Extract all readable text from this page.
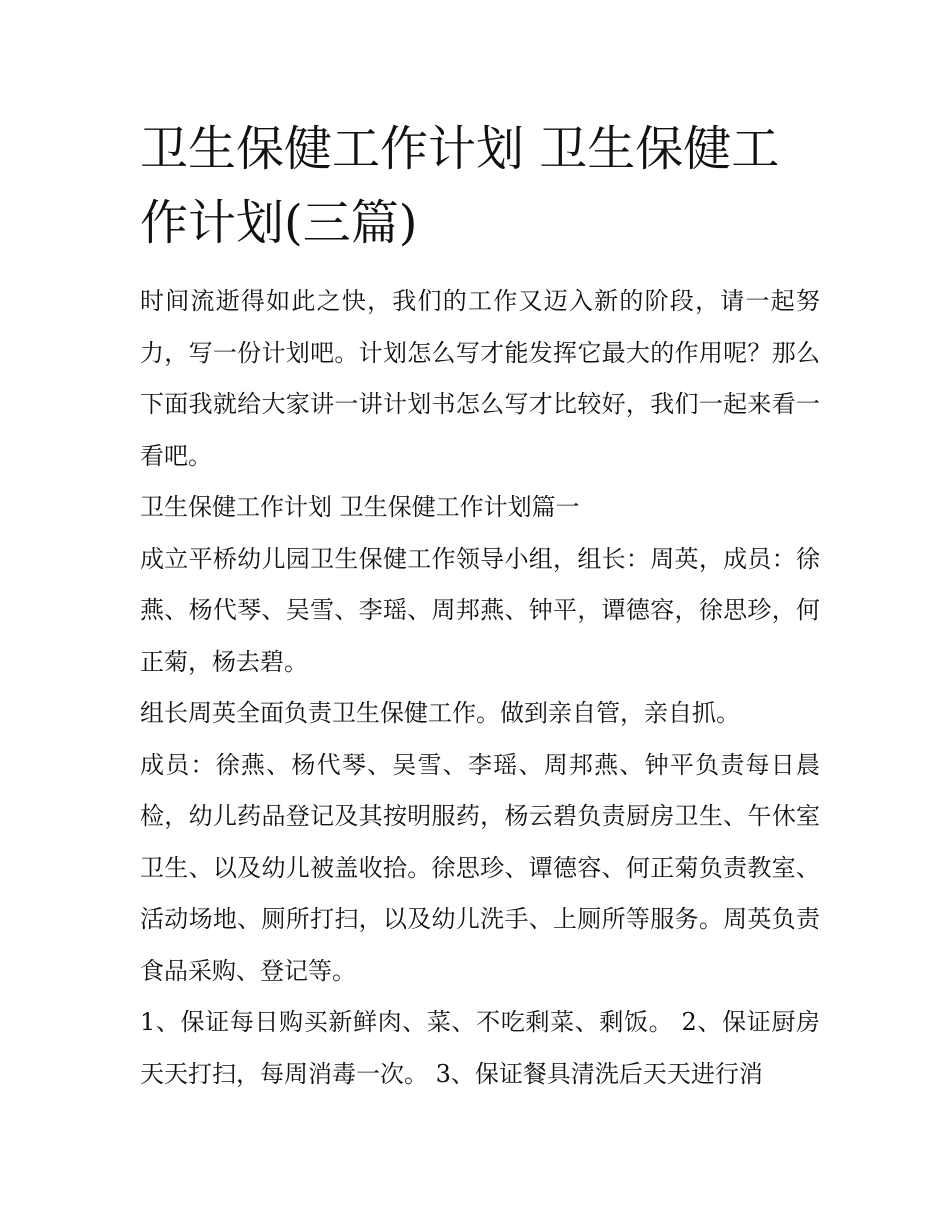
卫生保健工作计划 卫生保健工作计划(三篇)

时间流逝得如此之快，我们的工作又迈入新的阶段，请一起努力，写一份计划吧。计划怎么写才能发挥它最大的作用呢？那么下面我就给大家讲一讲计划书怎么写才比较好，我们一起来看一看吧。

卫生保健工作计划 卫生保健工作计划篇一

成立平桥幼儿园卫生保健工作领导小组，组长：周英，成员：徐燕、杨代琴、吴雪、李瑶、周邦燕、钟平，谭德容，徐思珍，何正菊，杨去碧。

组长周英全面负责卫生保健工作。做到亲自管，亲自抓。

成员：徐燕、杨代琴、吴雪、李瑶、周邦燕、钟平负责每日晨检，幼儿药品登记及其按明服药，杨云碧负责厨房卫生、午休室卫生、以及幼儿被盖收拾。徐思珍、谭德容、何正菊负责教室、活动场地、厕所打扫，以及幼儿洗手、上厕所等服务。周英负责食品采购、登记等。

1、保证每日购买新鲜肉、菜、不吃剩菜、剩饭。 2、保证厨房天天打扫，每周消毒一次。 3、保证餐具清洗后天天进行消
